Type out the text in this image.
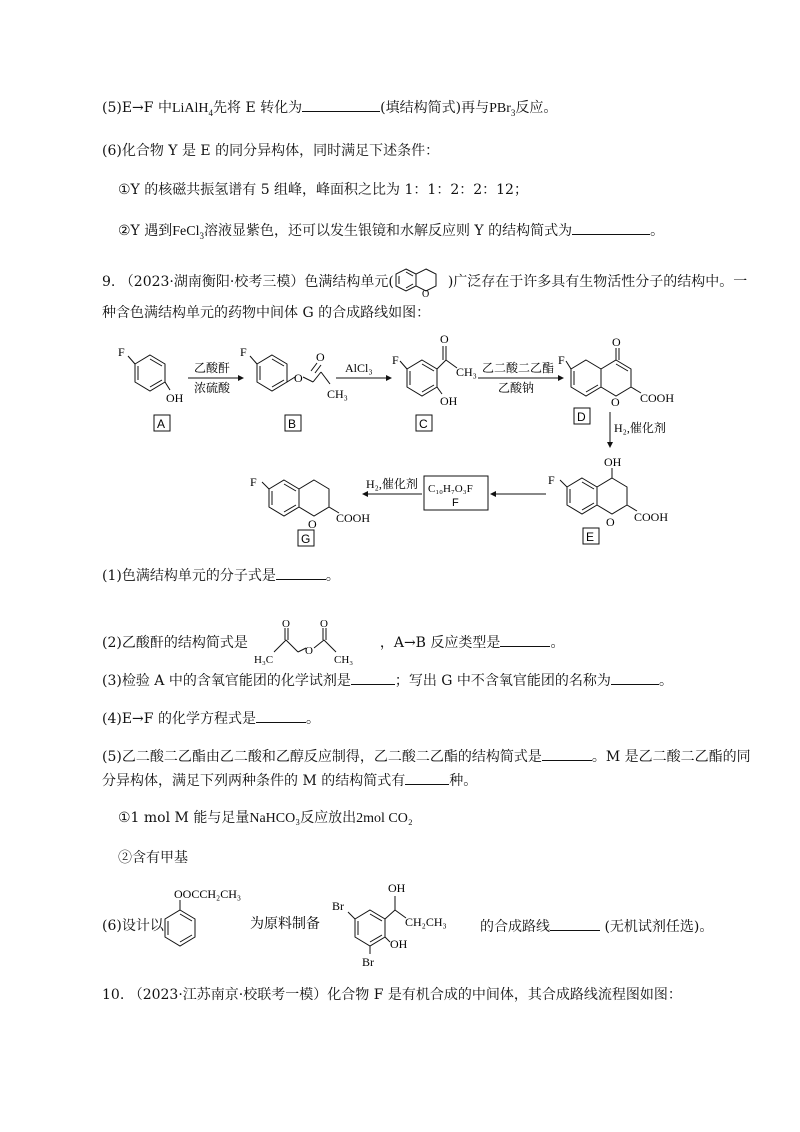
(5)E→F 中LiAlH$_4$先将 E 转化为	(填结构简式)再与PBr$_3$反应。
(6)化合物 Y 是 E 的同分异构体，同时满足下述条件：
①Y 的核磁共振氢谱有 5 组峰，峰面积之比为 1：1：2：2：12；
②Y 遇到FeCl$_3$溶液显紫色，还可以发生银镜和水解反应则 Y 的结构简式为	。
9. （2023·湖南衡阳·校考三模）色满结构单元(
O
)广泛存在于许多具有生物活性分子的结构中。一
种含色满结构单元的药物中间体 G 的合成路线如图：
F
OH
A
乙酸酐
浓硫酸
F
O
O
CH₃
B
AlCl₃
F
O
CH₃
OH
C
乙二酸二乙酯
乙酸钠
F
O
O COOH
D
H₂,催化剂
OH
F
O COOH
E
C₁₀H₇O₃F
F
H₂,催化剂
F
O COOH
G
(1)色满结构单元的分子式是	。
(2)乙酸酐的结构简式是
H₃C
O
O
O
CH₃
，A→B 反应类型是	。
(3)检验 A 中的含氧官能团的化学试剂是	；写出 G 中不含氧官能团的名称为	。
(4)E→F 的化学方程式是	。
(5)乙二酸二乙酯由乙二酸和乙醇反应制得，乙二酸二乙酯的结构简式是	。M 是乙二酸二乙酯的同
分异构体，满足下列两种条件的 M 的结构简式有	种。
①1 mol M 能与足量NaHCO₃反应放出2mol CO₂
②含有甲基
(6)设计以
OOCCH₂CH₃
为原料制备
Br
OH
CH₂CH₃
OH
Br
的合成路线	(无机试剂任选)。
10. （2023·江苏南京·校联考一模）化合物 F 是有机合成的中间体，其合成路线流程图如图：
